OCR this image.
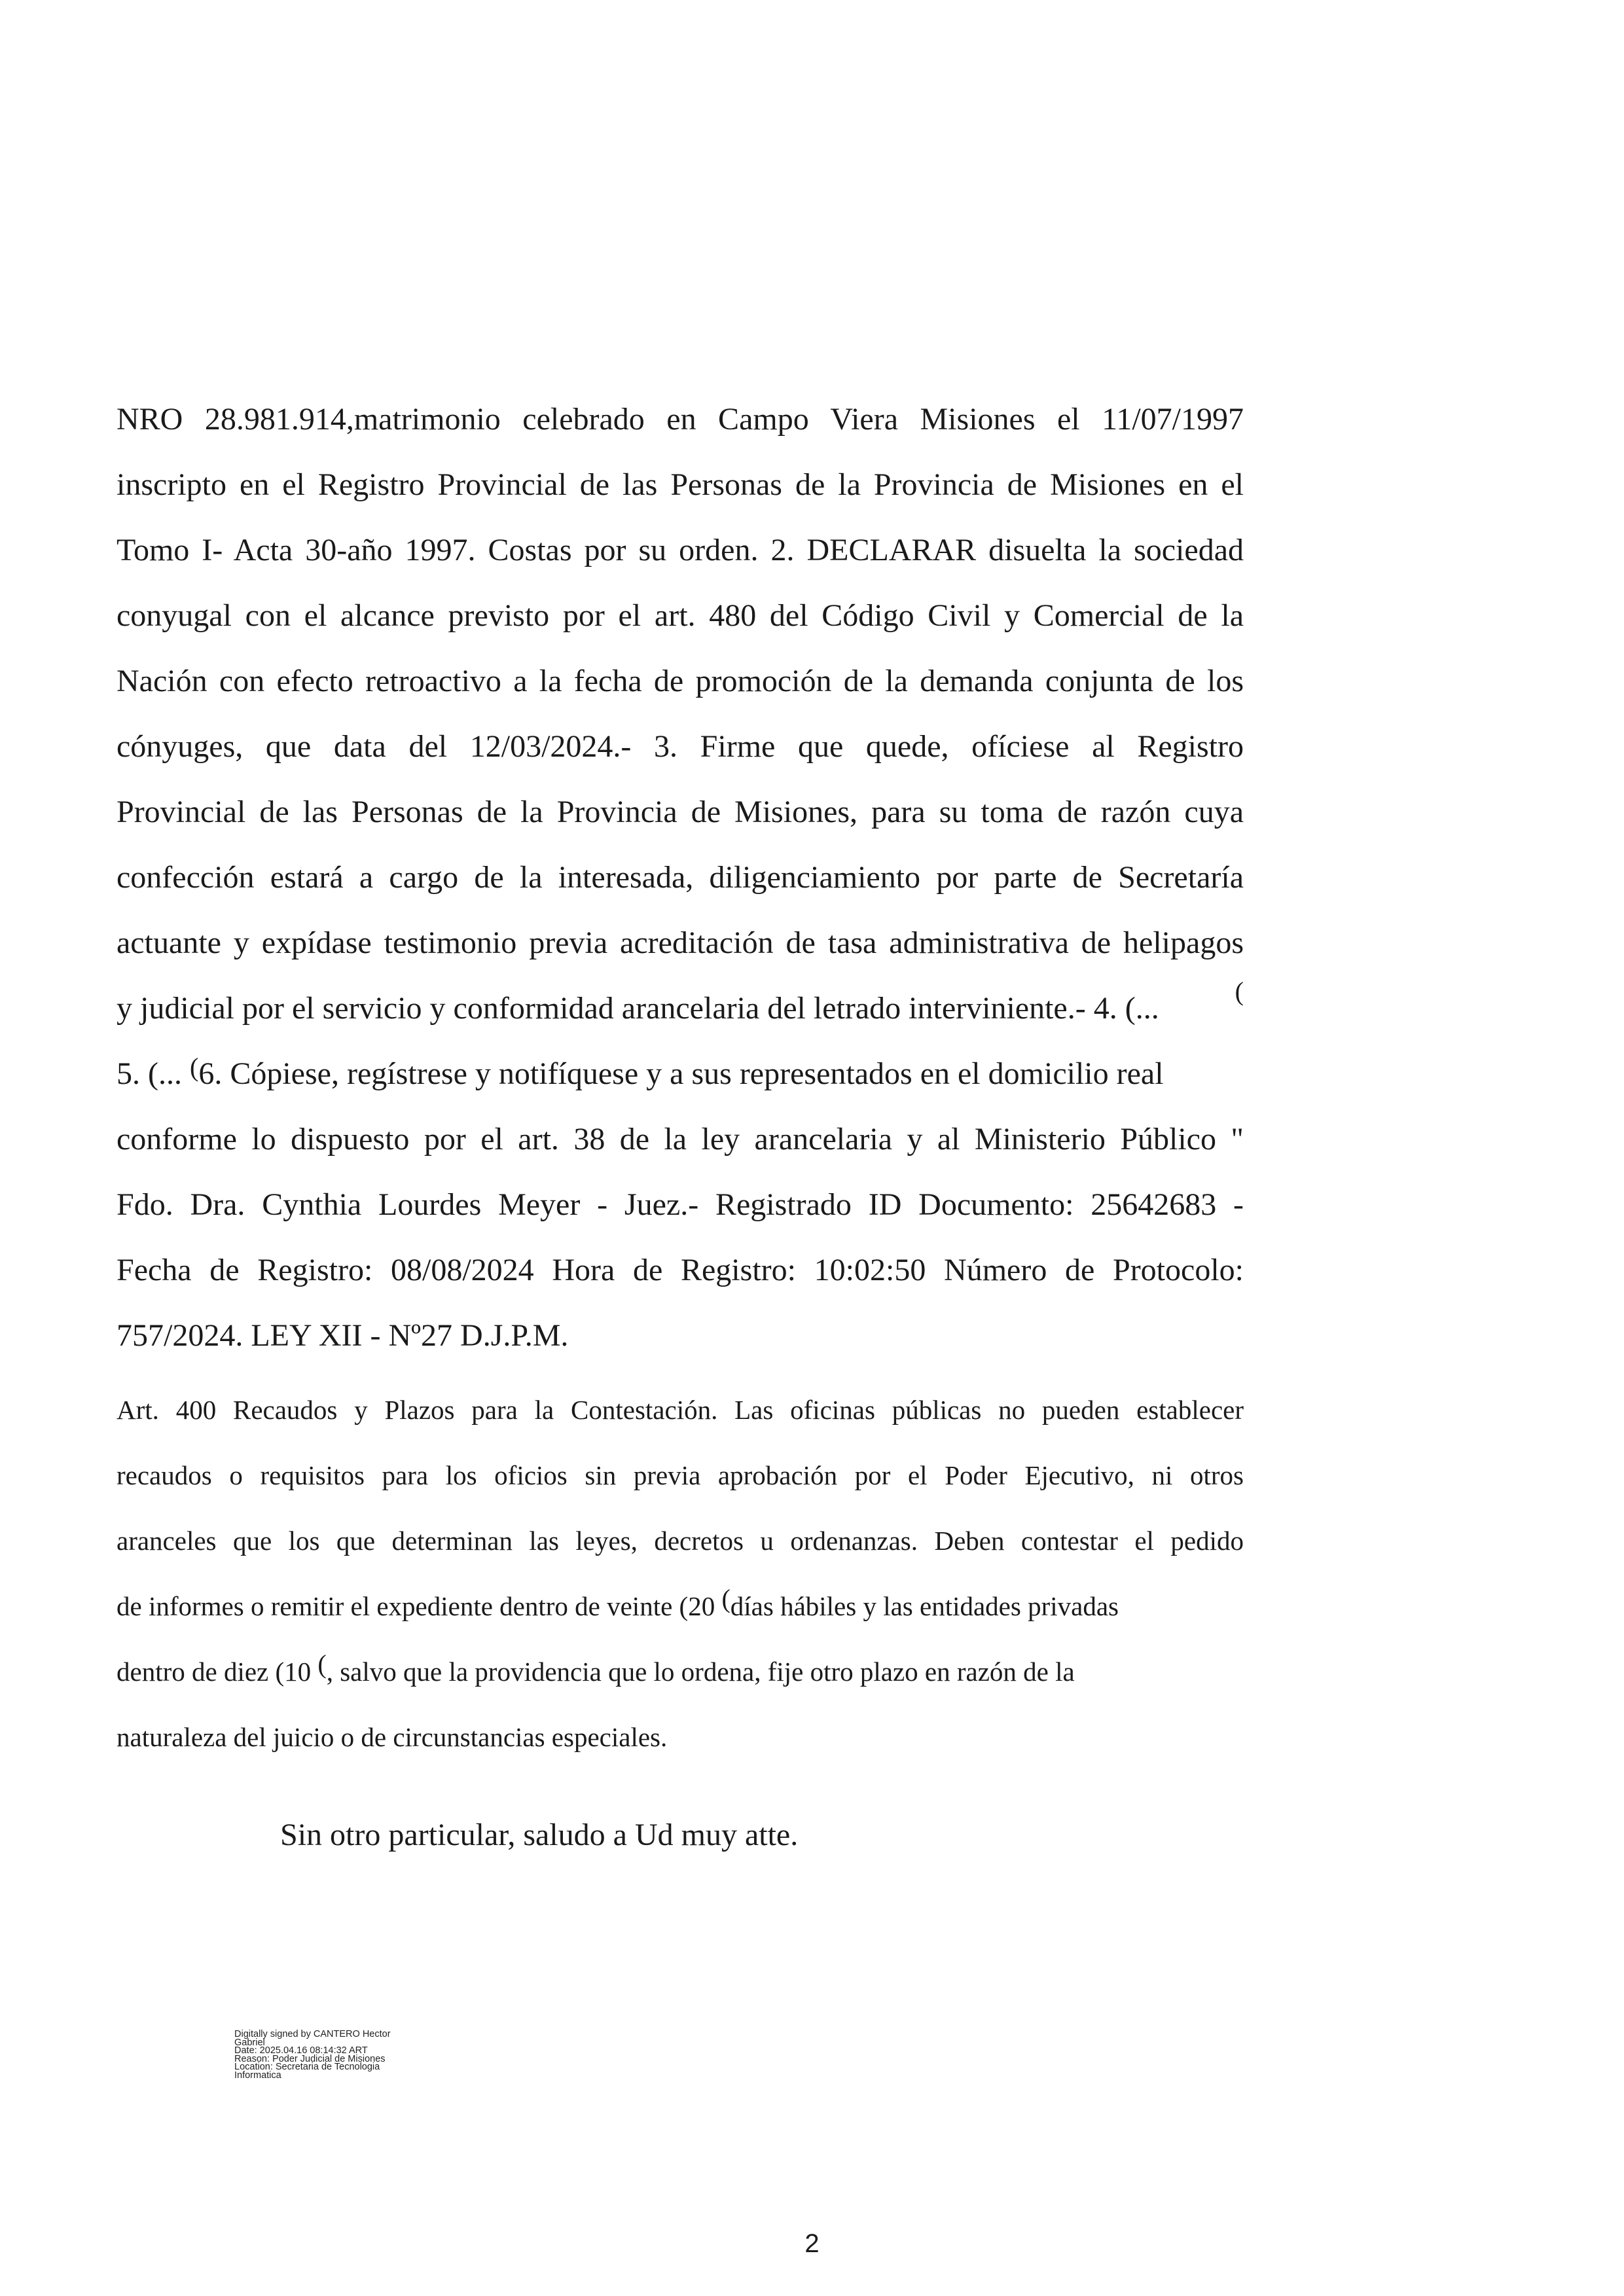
NRO 28.981.914,matrimonio celebrado en Campo Viera Misiones el 11/07/1997
inscripto en el Registro Provincial de las Personas de la Provincia de Misiones en el
Tomo I- Acta 30-año 1997. Costas por su orden. 2. DECLARAR disuelta la sociedad
conyugal con el alcance previsto por el art. 480 del Código Civil y Comercial de la
Nación con efecto retroactivo a la fecha de promoción de la demanda conjunta de los
cónyuges, que data del 12/03/2024.- 3. Firme que quede, ofíciese al Registro
Provincial de las Personas de la Provincia de Misiones, para su toma de razón cuya
confección estará a cargo de la interesada, diligenciamiento por parte de Secretaría
actuante y expídase testimonio previa acreditación de tasa administrativa de helipagos
y judicial por el servicio y conformidad arancelaria del letrado interviniente.- 4. (...	(
5. (... (6. Cópiese, regístrese y notifíquese y a sus representados en el domicilio real
conforme lo dispuesto por el art. 38 de la ley arancelaria y al Ministerio Público "
Fdo. Dra. Cynthia Lourdes Meyer - Juez.- Registrado ID Documento: 25642683 -
Fecha de Registro: 08/08/2024 Hora de Registro: 10:02:50 Número de Protocolo:
757/2024. LEY XII - Nº27 D.J.P.M.
Art. 400 Recaudos y Plazos para la Contestación. Las oficinas públicas no pueden establecer
recaudos o requisitos para los oficios sin previa aprobación por el Poder Ejecutivo, ni otros
aranceles que los que determinan las leyes, decretos u ordenanzas. Deben contestar el pedido
de informes o remitir el expediente dentro de veinte (20 (días hábiles y las entidades privadas
dentro de diez (10 (, salvo que la providencia que lo ordena, fije otro plazo en razón de la
naturaleza del juicio o de circunstancias especiales.
Sin otro particular, saludo a Ud muy atte.
Digitally signed by CANTERO Hector
Gabriel
Date: 2025.04.16 08:14:32 ART
Reason: Poder Judicial de Misiones
Location: Secretaria de Tecnologia
Informatica
2
